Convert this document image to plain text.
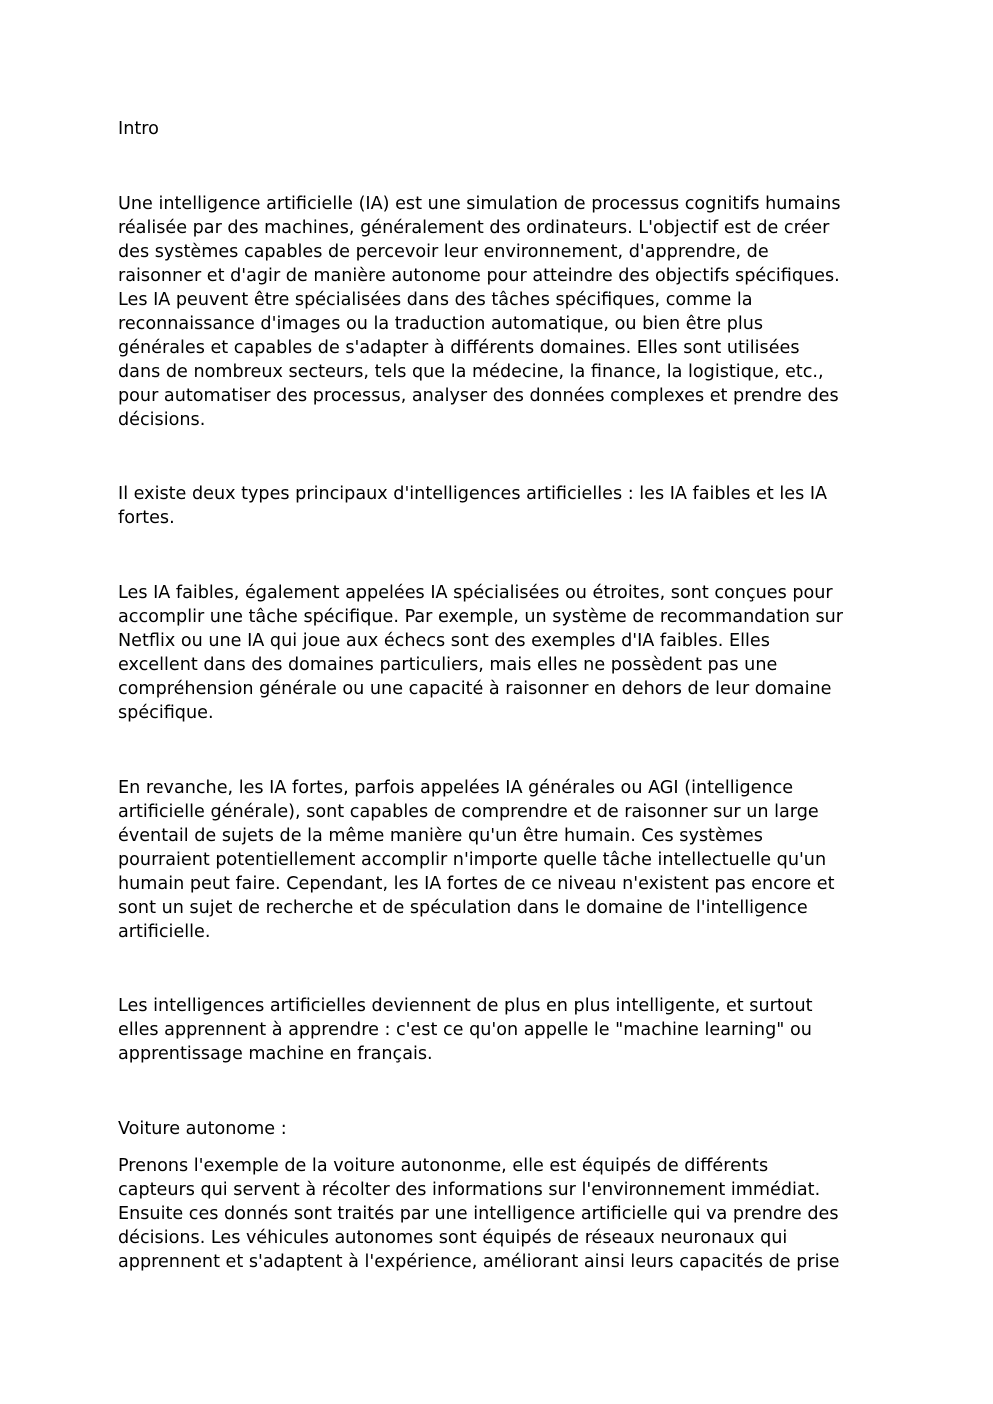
Intro

Une intelligence artificielle (IA) est une simulation de processus cognitifs humains
réalisée par des machines, généralement des ordinateurs. L'objectif est de créer
des systèmes capables de percevoir leur environnement, d'apprendre, de
raisonner et d'agir de manière autonome pour atteindre des objectifs spécifiques.
Les IA peuvent être spécialisées dans des tâches spécifiques, comme la
reconnaissance d'images ou la traduction automatique, ou bien être plus
générales et capables de s'adapter à différents domaines. Elles sont utilisées
dans de nombreux secteurs, tels que la médecine, la finance, la logistique, etc.,
pour automatiser des processus, analyser des données complexes et prendre des
décisions.

Il existe deux types principaux d'intelligences artificielles : les IA faibles et les IA
fortes.

Les IA faibles, également appelées IA spécialisées ou étroites, sont conçues pour
accomplir une tâche spécifique. Par exemple, un système de recommandation sur
Netflix ou une IA qui joue aux échecs sont des exemples d'IA faibles. Elles
excellent dans des domaines particuliers, mais elles ne possèdent pas une
compréhension générale ou une capacité à raisonner en dehors de leur domaine
spécifique.

En revanche, les IA fortes, parfois appelées IA générales ou AGI (intelligence
artificielle générale), sont capables de comprendre et de raisonner sur un large
éventail de sujets de la même manière qu'un être humain. Ces systèmes
pourraient potentiellement accomplir n'importe quelle tâche intellectuelle qu'un
humain peut faire. Cependant, les IA fortes de ce niveau n'existent pas encore et
sont un sujet de recherche et de spéculation dans le domaine de l'intelligence
artificielle.

Les intelligences artificielles deviennent de plus en plus intelligente, et surtout
elles apprennent à apprendre : c'est ce qu'on appelle le "machine learning" ou
apprentissage machine en français.

Voiture autonome :

Prenons l'exemple de la voiture autononme, elle est équipés de différents
capteurs qui servent à récolter des informations sur l'environnement immédiat.
Ensuite ces donnés sont traités par une intelligence artificielle qui va prendre des
décisions. Les véhicules autonomes sont équipés de réseaux neuronaux qui
apprennent et s'adaptent à l'expérience, améliorant ainsi leurs capacités de prise
